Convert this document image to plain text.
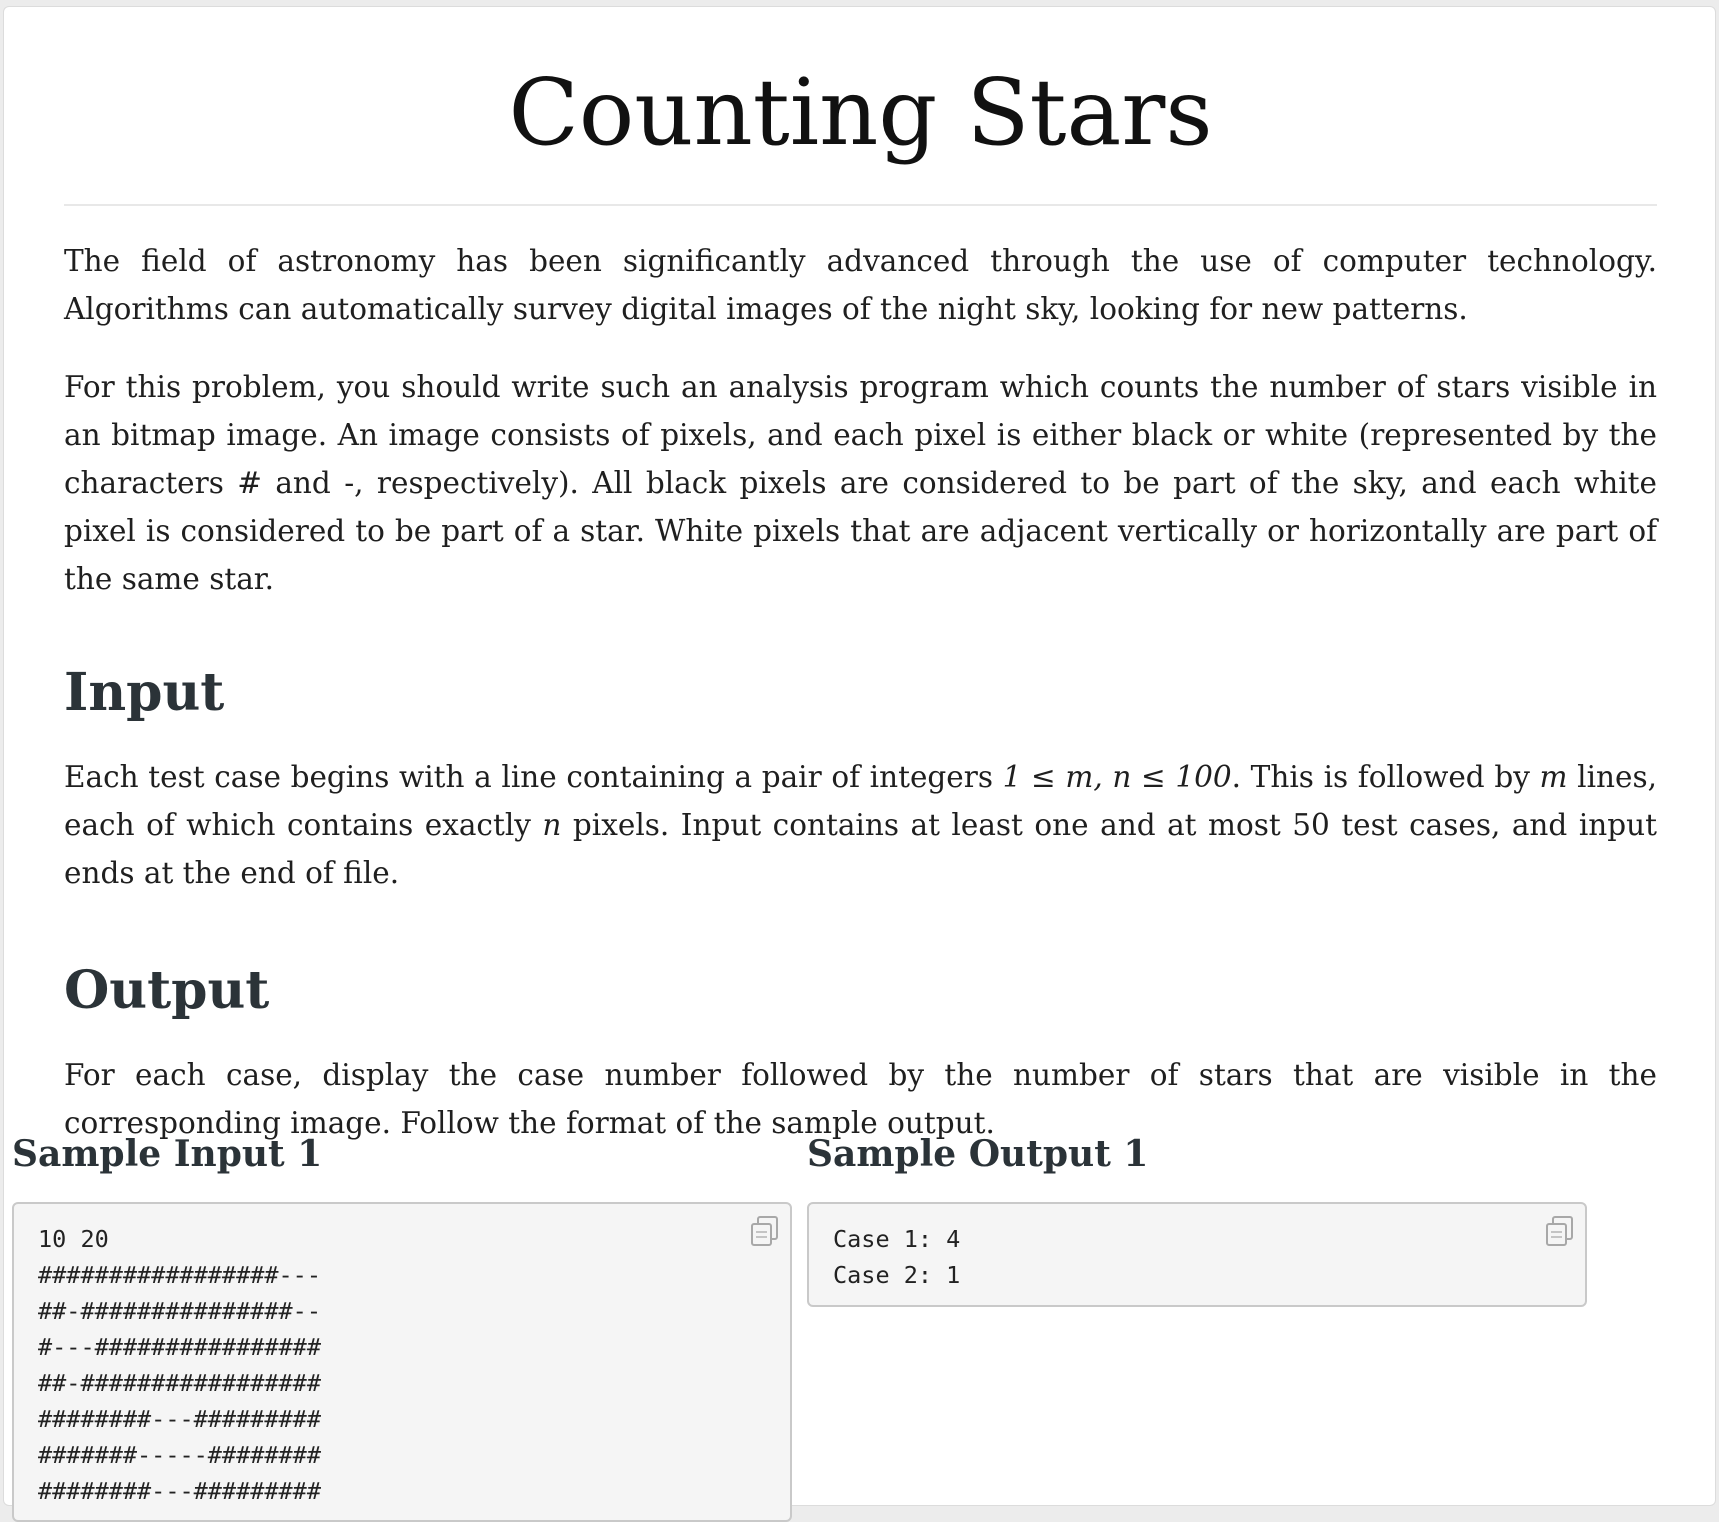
Counting Stars

The field of astronomy has been significantly advanced through the use of computer technology. Algorithms can automatically survey digital images of the night sky, looking for new patterns.

For this problem, you should write such an analysis program which counts the number of stars visible in an bitmap image. An image consists of pixels, and each pixel is either black or white (represented by the characters # and -, respectively). All black pixels are considered to be part of the sky, and each white pixel is considered to be part of a star. White pixels that are adjacent vertically or horizontally are part of the same star.

Input

Each test case begins with a line containing a pair of integers 1 ≤ m, n ≤ 100. This is followed by m lines, each of which contains exactly n pixels. Input contains at least one and at most 50 test cases, and input ends at the end of file.

Output

For each case, display the case number followed by the number of stars that are visible in the corresponding image. Follow the format of the sample output.

Sample Input 1
10 20
#################---
##-###############--
#---################
##-#################
########---#########
#######-----########
########---#########
Sample Output 1
Case 1: 4
Case 2: 1
